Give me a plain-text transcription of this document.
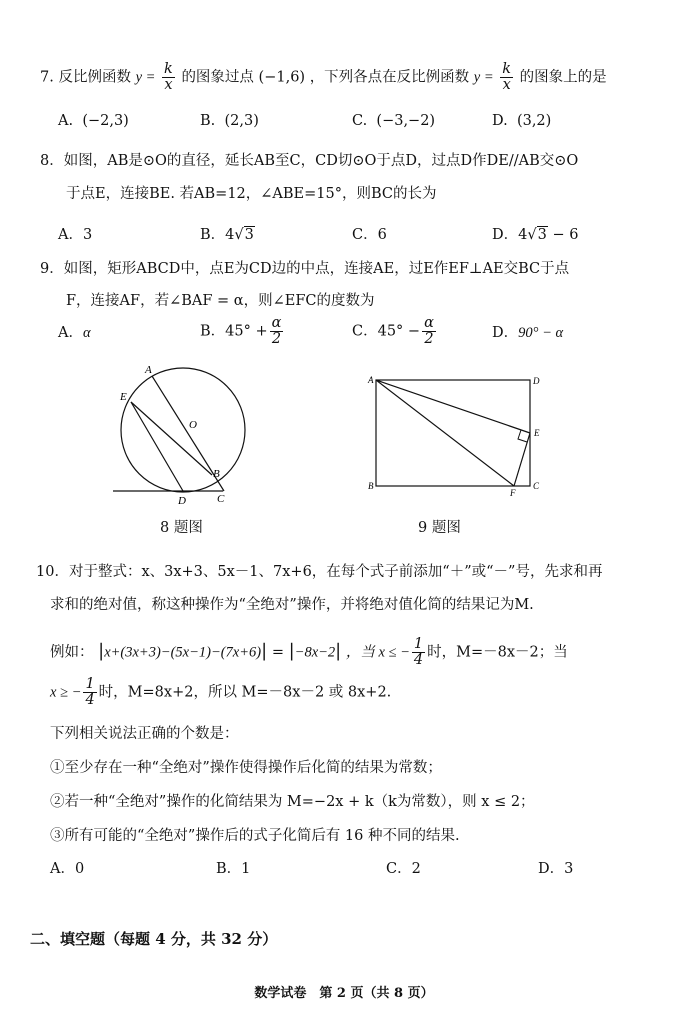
7. 反比例函数 $y = \frac{k}{x}$ 的图象过点 (−1,6) ，下列各点在反比例函数 $y = \frac{k}{x}$ 的图象上的是
A. (−2,3)	B. (2,3)	C. (−3,−2)	D. (3,2)
8．如图，AB是⊙O的直径，延长AB至C，CD切⊙O于点D，过点D作DE//AB交⊙O
于点E，连接BE. 若AB=12，∠ABE=15°，则BC的长为
A．3	B．4√3	C．6	D．4√3 − 6
9．如图，矩形ABCD中，点E为CD边的中点，连接AE，过E作EF⊥AE交BC于点
F，连接AF，若∠BAF = α，则∠EFC的度数为
A．α	B．$45^\circ + \frac{\alpha}{2}$	C．$45^\circ - \frac{\alpha}{2}$	D．90° − α
A
E
O
B
D	C
8 题图
A	D
E
B
F
C
9 题图
10．对于整式：x、3x+3、5x－1、7x+6，在每个式子前添加“＋”或“－”号，先求和再
求和的绝对值，称这种操作为“全绝对”操作，并将绝对值化简的结果记为M.
例如： |x+(3x+3)−(5x−1)−(7x+6)| = |−8x−2| ，当 x ≤ − $\frac{1}{4}$ 时，M=－8x－2；当
x ≥ − $\frac{1}{4}$ 时，M=8x+2，所以 M=－8x－2 或 8x+2.
下列相关说法正确的个数是：
①至少存在一种“全绝对”操作使得操作后化简的结果为常数；
②若一种“全绝对”操作的化简结果为 M=−2x + k（k为常数），则 x ≤ 2；
③所有可能的“全绝对”操作后的式子化简后有 16 种不同的结果.
A．0	B．1	C．2	D．3
二、填空题（每题 4 分，共 32 分）
数学试卷　第 2 页（共 8 页）
